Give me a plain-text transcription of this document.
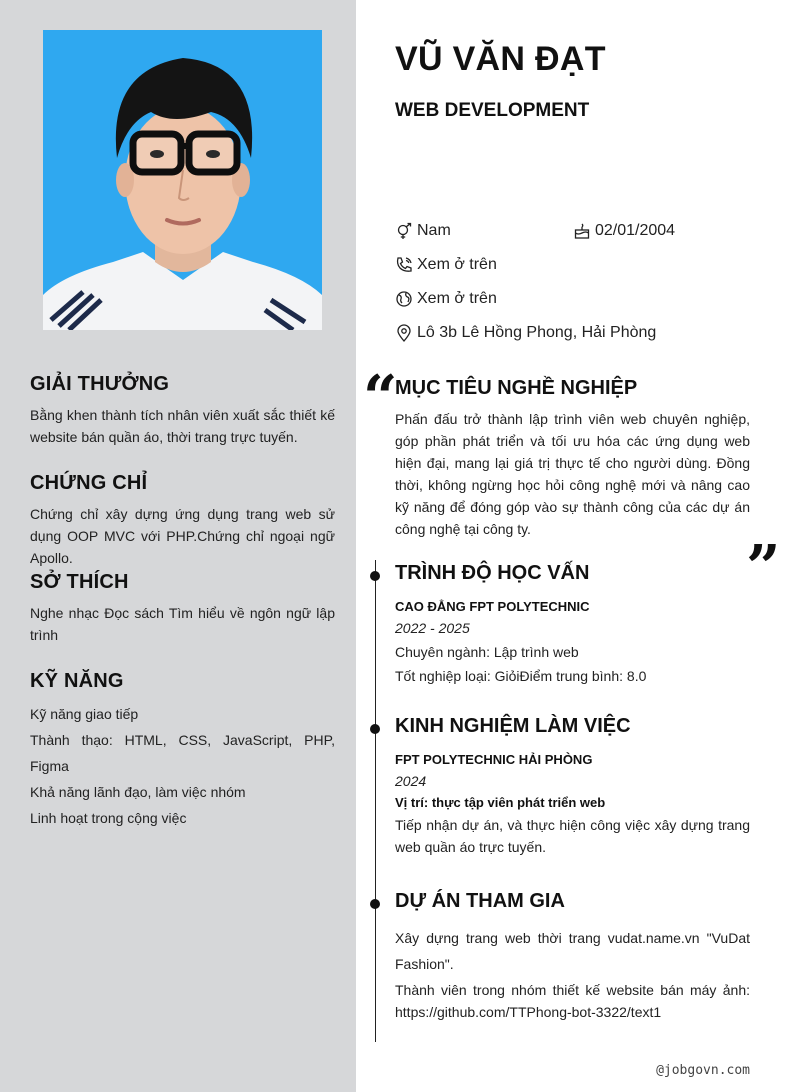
GIẢI THƯỞNG

Bằng khen thành tích nhân viên xuất sắc thiết kế website bán quần áo, thời trang trực tuyến.

CHỨNG CHỈ

Chứng chỉ xây dựng ứng dụng trang web sử dụng OOP MVC với PHP.Chứng chỉ ngoại ngữ Apollo.

SỞ THÍCH

Nghe nhạc Đọc sách Tìm hiểu về ngôn ngữ lập trình

KỸ NĂNG
Kỹ năng giao tiếp
Thành thạo: HTML, CSS, JavaScript, PHP, Figma
Khả năng lãnh đạo, làm việc nhóm
Linh hoạt trong cộng việc
VŨ VĂN ĐẠT
WEB DEVELOPMENT
Nam	02/01/2004
Xem ở trên
Xem ở trên
Lô 3b Lê Hồng Phong, Hải Phòng
“
”
MỤC TIÊU NGHỀ NGHIỆP

Phấn đấu trở thành lập trình viên web chuyên nghiệp, góp phần phát triển và tối ưu hóa các ứng dụng web hiện đại, mang lại giá trị thực tế cho người dùng. Đồng thời, không ngừng học hỏi công nghệ mới và nâng cao kỹ năng để đóng góp vào sự thành công của các dự án công nghệ tại công ty.

TRÌNH ĐỘ HỌC VẤN
CAO ĐẲNG FPT POLYTECHNIC
2022 - 2025
Chuyên ngành: Lập trình web
Tốt nghiệp loại: GiỏiĐiểm trung bình: 8.0
KINH NGHIỆM LÀM VIỆC
FPT POLYTECHNIC HẢI PHÒNG
2024
Vị trí: thực tập viên phát triển web

Tiếp nhận dự án, và thực hiện công việc xây dựng trang web quần áo trực tuyến.

DỰ ÁN THAM GIA

Xây dựng trang web thời trang vudat.name.vn "VuDat Fashion".

Thành viên trong nhóm thiết kế website bán máy ảnh: https://github.com/TTPhong-bot-3322/text1

@jobgovn.com
